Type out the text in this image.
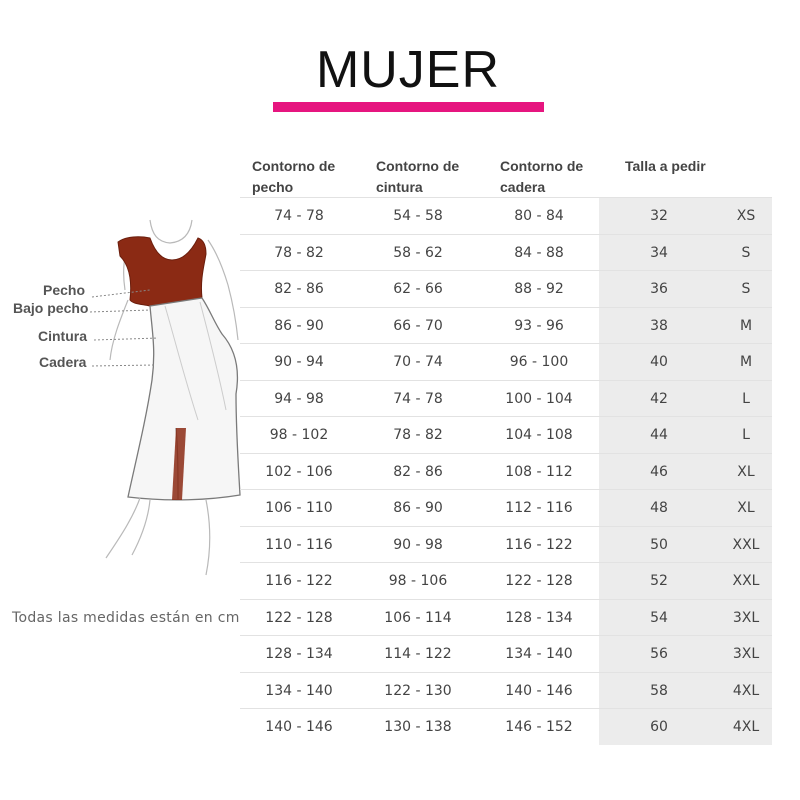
MUJER
Pecho
Bajo pecho
Cintura
Cadera
Todas las medidas están en cm
Contorno de
pecho
Contorno de
cintura
Contorno de
cadera
Talla a pedir
74 - 78	54 - 58	80 - 84	32	XS
78 - 82	58 - 62	84 - 88	34	S
82 - 86	62 - 66	88 - 92	36	S
86 - 90	66 - 70	93 - 96	38	M
90 - 94	70 - 74	96 - 100	40	M
94 - 98	74 - 78	100 - 104	42	L
98 - 102	78 - 82	104 - 108	44	L
102 - 106	82 - 86	108 - 112	46	XL
106 - 110	86 - 90	112 - 116	48	XL
110 - 116	90 - 98	116 - 122	50	XXL
116 - 122	98 - 106	122 - 128	52	XXL
122 - 128	106 - 114	128 - 134	54	3XL
128 - 134	114 - 122	134 - 140	56	3XL
134 - 140	122 - 130	140 - 146	58	4XL
140 - 146	130 - 138	146 - 152	60	4XL
